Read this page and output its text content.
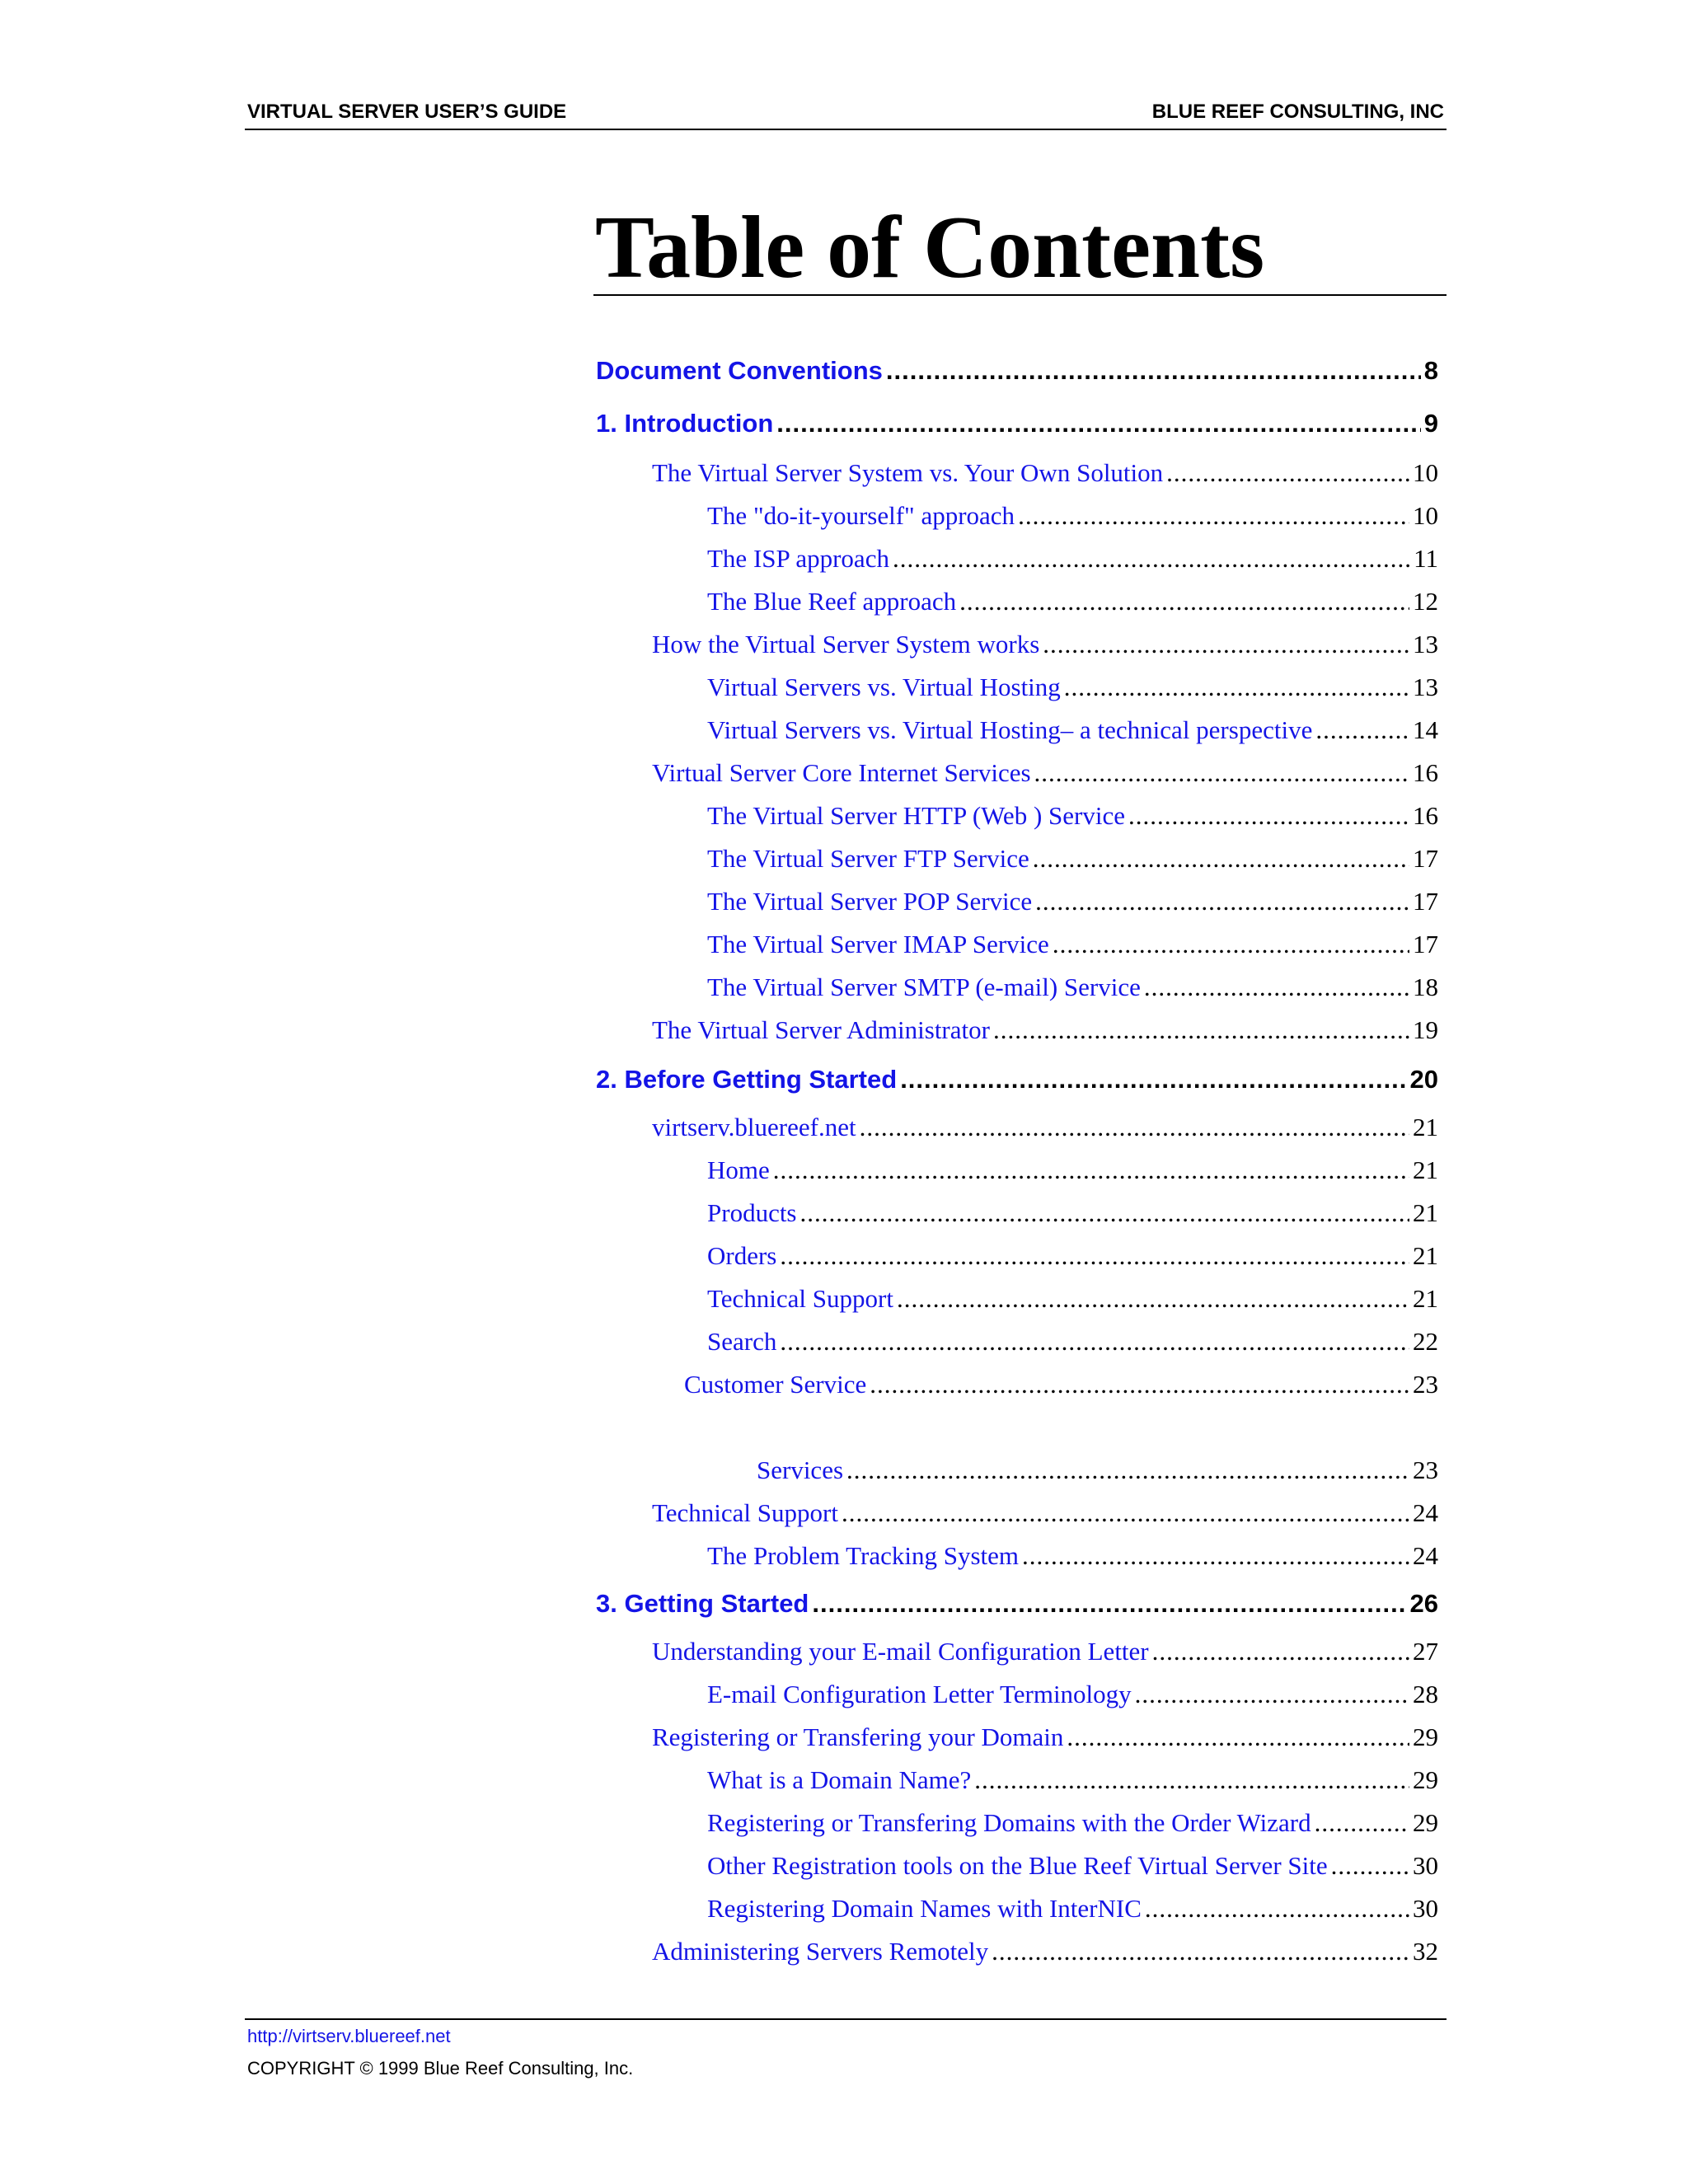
VIRTUAL SERVER USER’S GUIDE	BLUE REEF CONSULTING, INC
Table of Contents
Document Conventions .....	8
1. Introduction .....	9
The Virtual Server System vs. Your Own Solution .....	10
The "do-it-yourself" approach .....	10
The ISP approach .....	11
The Blue Reef approach .....	12
How the Virtual Server System works .....	13
Virtual Servers vs. Virtual Hosting .....	13
Virtual Servers vs. Virtual Hosting– a technical perspective .....	14
Virtual Server Core Internet Services .....	16
The Virtual Server HTTP (Web ) Service .....	16
The Virtual Server FTP Service .....	17
The Virtual Server POP Service .....	17
The Virtual Server IMAP Service .....	17
The Virtual Server SMTP (e-mail) Service .....	18
The Virtual Server Administrator .....	19
2. Before Getting Started .....	20
virtserv.bluereef.net .....	21
Home .....	21
Products .....	21
Orders .....	21
Technical Support .....	21
Search .....	22
Customer Service .....	23
Services .....	23
Technical Support .....	24
The Problem Tracking System .....	24
3. Getting Started .....	26
Understanding your E-mail Configuration Letter .....	27
E-mail Configuration Letter Terminology .....	28
Registering or Transfering your Domain .....	29
What is a Domain Name? .....	29
Registering or Transfering Domains with the Order Wizard .....	29
Other Registration tools on the Blue Reef Virtual Server Site .....	30
Registering Domain Names with InterNIC .....	30
Administering Servers Remotely .....	32
http://virtserv.bluereef.net
COPYRIGHT © 1999 Blue Reef Consulting, Inc.
